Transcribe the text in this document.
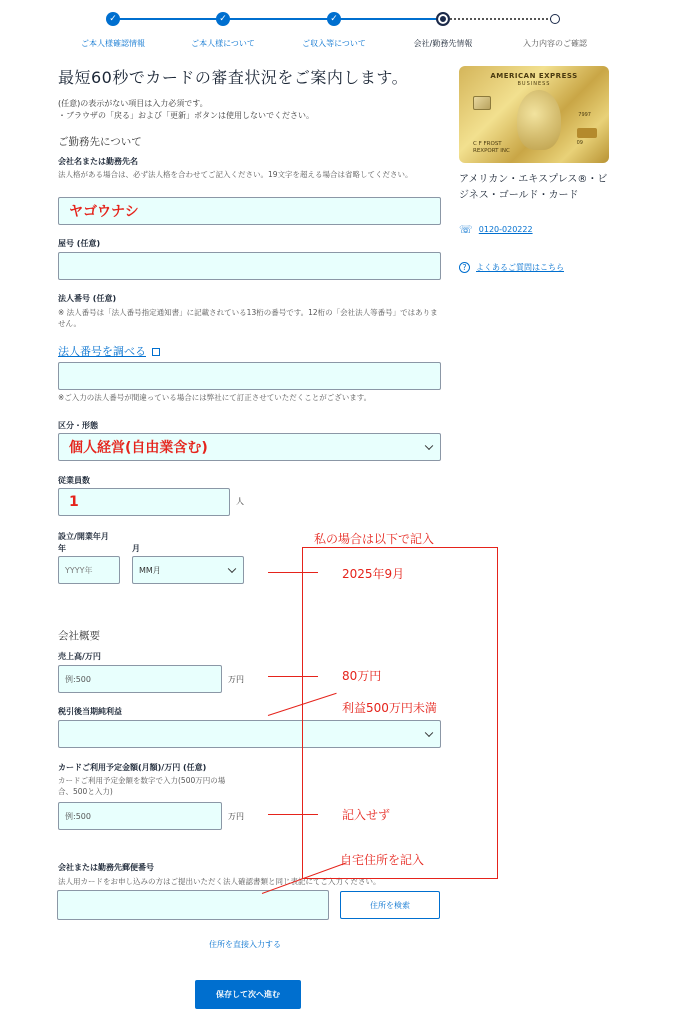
✓	✓	✓
ご本人様確認情報	ご本人様について	ご収入等について	会社/勤務先情報	入力内容のご確認
最短60秒でカードの審査状況をご案内します。
(任意)の表示がない項目は入力必須です。
・ブラウザの「戻る」および「更新」ボタンは使用しないでください。
ご勤務先について
会社名または勤務先名
法人格がある場合は、必ず法人格を合わせてご記入ください。19文字を超える場合は省略してください。
ヤゴウナシ
屋号 (任意)
法人番号 (任意)
※ 法人番号は「法人番号指定通知書」に記載されている13桁の番号です。12桁の「会社法人等番号」ではありません。
法人番号を調べる
※ご入力の法人番号が間違っている場合には弊社にて訂正させていただくことがございます。
区分・形態
個人経営(自由業含む)
従業員数
1	人
設立/開業年月
年	月
YYYY年	MM月
会社概要
売上高/万円
例:500	万円
税引後当期純利益
カードご利用予定金額(月額)/万円 (任意)
カードご利用予定金額を数字で入力(500万円の場
合、500と入力)
例:500	万円
会社または勤務先郵便番号
法人用カードをお申し込みの方はご提出いただく法人確認書類と同じ表記にてご入力ください。
住所を検索
住所を直接入力する
保存して次へ進む
AMERICAN EXPRESS
BUSINESS
7997
09
C F FROST
REXPORT INC
アメリカン・エキスプレス®・ビジネス・ゴールド・カード
☏ 0120-020222
?	よくあるご質問はこちら
私の場合は以下で記入
2025年9月
80万円
利益500万円未満
記入せず
自宅住所を記入
